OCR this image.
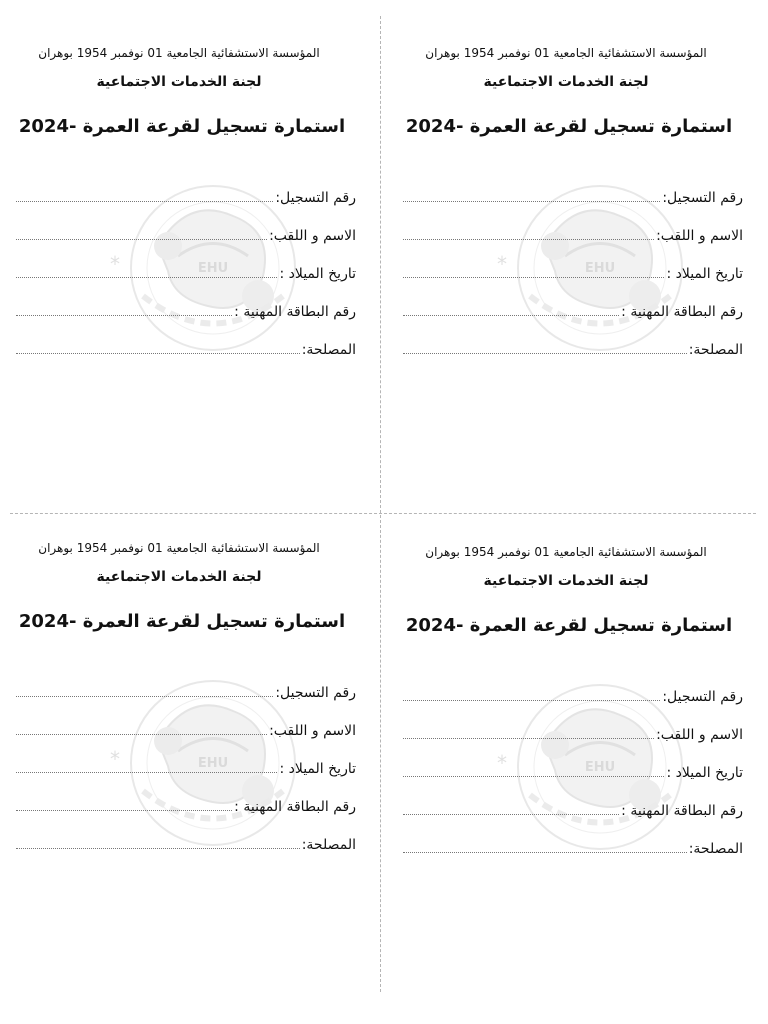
*	EHU
المؤسسة الاستشفائية الجامعية 01 نوفمبر 1954 بوهران
لجنة الخدمات الاجتماعية
استمارة تسجيل لقرعة العمرة -2024
رقم التسجيل:
الاسم و اللقب:
تاريخ الميلاد :
رقم البطاقة المهنية :
المصلحة:
*	EHU
المؤسسة الاستشفائية الجامعية 01 نوفمبر 1954 بوهران
لجنة الخدمات الاجتماعية
استمارة تسجيل لقرعة العمرة -2024
رقم التسجيل:
الاسم و اللقب:
تاريخ الميلاد :
رقم البطاقة المهنية :
المصلحة:
*	EHU
المؤسسة الاستشفائية الجامعية 01 نوفمبر 1954 بوهران
لجنة الخدمات الاجتماعية
استمارة تسجيل لقرعة العمرة -2024
رقم التسجيل:
الاسم و اللقب:
تاريخ الميلاد :
رقم البطاقة المهنية :
المصلحة:
*	EHU
المؤسسة الاستشفائية الجامعية 01 نوفمبر 1954 بوهران
لجنة الخدمات الاجتماعية
استمارة تسجيل لقرعة العمرة -2024
رقم التسجيل:
الاسم و اللقب:
تاريخ الميلاد :
رقم البطاقة المهنية :
المصلحة:
